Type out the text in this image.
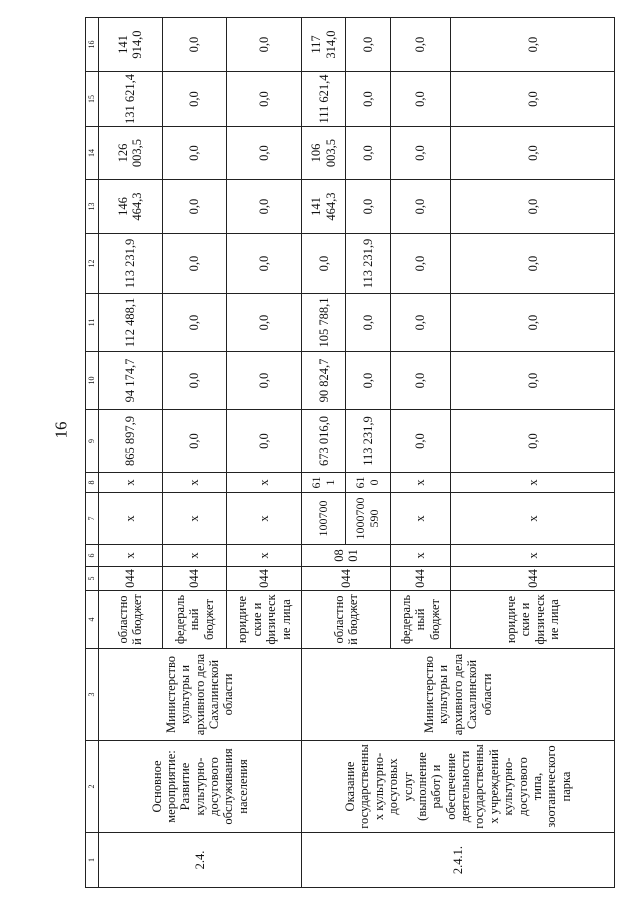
16
1	2	3	4	5	6	7	8	9	10	11	12	13	14	15	16
2.4.	Основное мероприятие: Развитие культурно-досугового обслуживания населения	Министерство культуры и архивного дела Сахалинской области	областной бюджет	044	x	x	x	865 897,9	94 174,7	112 488,1	113 231,9	146 464,3	126 003,5	131 621,4	141 914,0
			федеральный бюджет	044	x	x	x	0,0	0,0	0,0	0,0	0,0	0,0	0,0	0,0
			юридические и физические лица	044	x	x	x	0,0	0,0	0,0	0,0	0,0	0,0	0,0	0,0
2.4.1.	Оказание государственных культурно-досуговых услуг (выполнение работ) и обеспечение деятельности государственных учреждений культурно-досугового типа, зоотанического парка	Министерство культуры и архивного дела Сахалинской области	областной бюджет	044	08 01	100700	611	673 016,0	90 824,7	105 788,1	0,0	141 464,3	106 003,5	111 621,4	117 314,0
						1000700590	610	113 231,9	0,0	0,0	113 231,9	0,0	0,0	0,0	0,0
			федеральный бюджет	044	x	x	x	0,0	0,0	0,0	0,0	0,0	0,0	0,0	0,0
			юридические и физические лица	044	x	x	x	0,0	0,0	0,0	0,0	0,0	0,0	0,0	0,0
